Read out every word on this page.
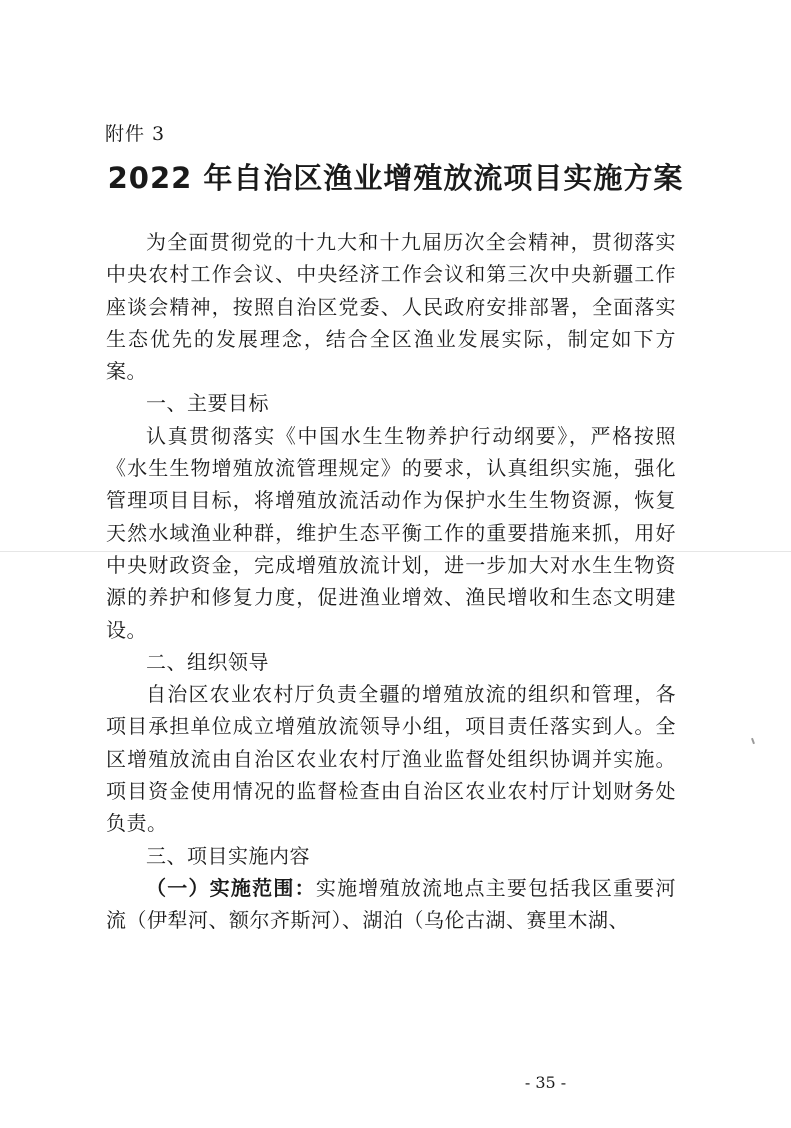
附件 3
2022 年自治区渔业增殖放流项目实施方案

为全面贯彻党的十九大和十九届历次全会精神，贯彻落实中央农村工作会议、中央经济工作会议和第三次中央新疆工作座谈会精神，按照自治区党委、人民政府安排部署，全面落实生态优先的发展理念，结合全区渔业发展实际，制定如下方案。

一、主要目标

认真贯彻落实《中国水生生物养护行动纲要》，严格按照《水生生物增殖放流管理规定》的要求，认真组织实施，强化管理项目目标，将增殖放流活动作为保护水生生物资源，恢复天然水域渔业种群，维护生态平衡工作的重要措施来抓，用好中央财政资金，完成增殖放流计划，进一步加大对水生生物资源的养护和修复力度，促进渔业增效、渔民增收和生态文明建设。

二、组织领导

自治区农业农村厅负责全疆的增殖放流的组织和管理，各项目承担单位成立增殖放流领导小组，项目责任落实到人。全区增殖放流由自治区农业农村厅渔业监督处组织协调并实施。项目资金使用情况的监督检查由自治区农业农村厅计划财务处负责。

三、项目实施内容

（一）实施范围：实施增殖放流地点主要包括我区重要河流（伊犁河、额尔齐斯河）、湖泊（乌伦古湖、赛里木湖、

- 35 -
